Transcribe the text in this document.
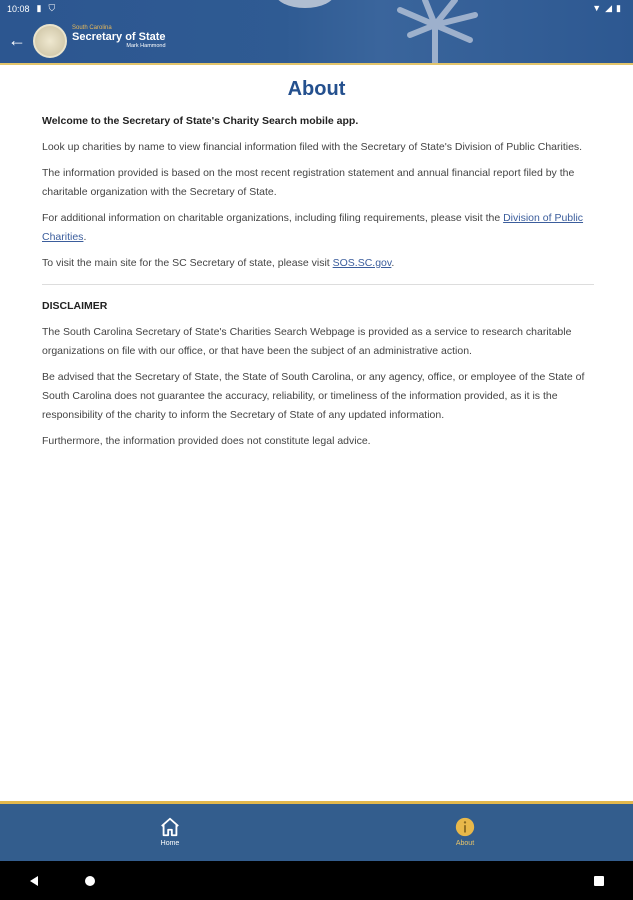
10:08 ▮ ⛉	▼ ◢ ▮
←
South Carolina
Secretary of State
Mark Hammond
About

Welcome to the Secretary of State's Charity Search mobile app.

Look up charities by name to view financial information filed with the Secretary of State's Division of Public Charities.

The information provided is based on the most recent registration statement and annual financial report filed by the charitable organization with the Secretary of State.

For additional information on charitable organizations, including filing requirements, please visit the Division of Public Charities.

To visit the main site for the SC Secretary of state, please visit SOS.SC.gov.

DISCLAIMER

The South Carolina Secretary of State's Charities Search Webpage is provided as a service to research charitable organizations on file with our office, or that have been the subject of an administrative action.

Be advised that the Secretary of State, the State of South Carolina, or any agency, office, or employee of the State of South Carolina does not guarantee the accuracy, reliability, or timeliness of the information provided, as it is the responsibility of the charity to inform the Secretary of State of any updated information.

Furthermore, the information provided does not constitute legal advice.

Home	About
